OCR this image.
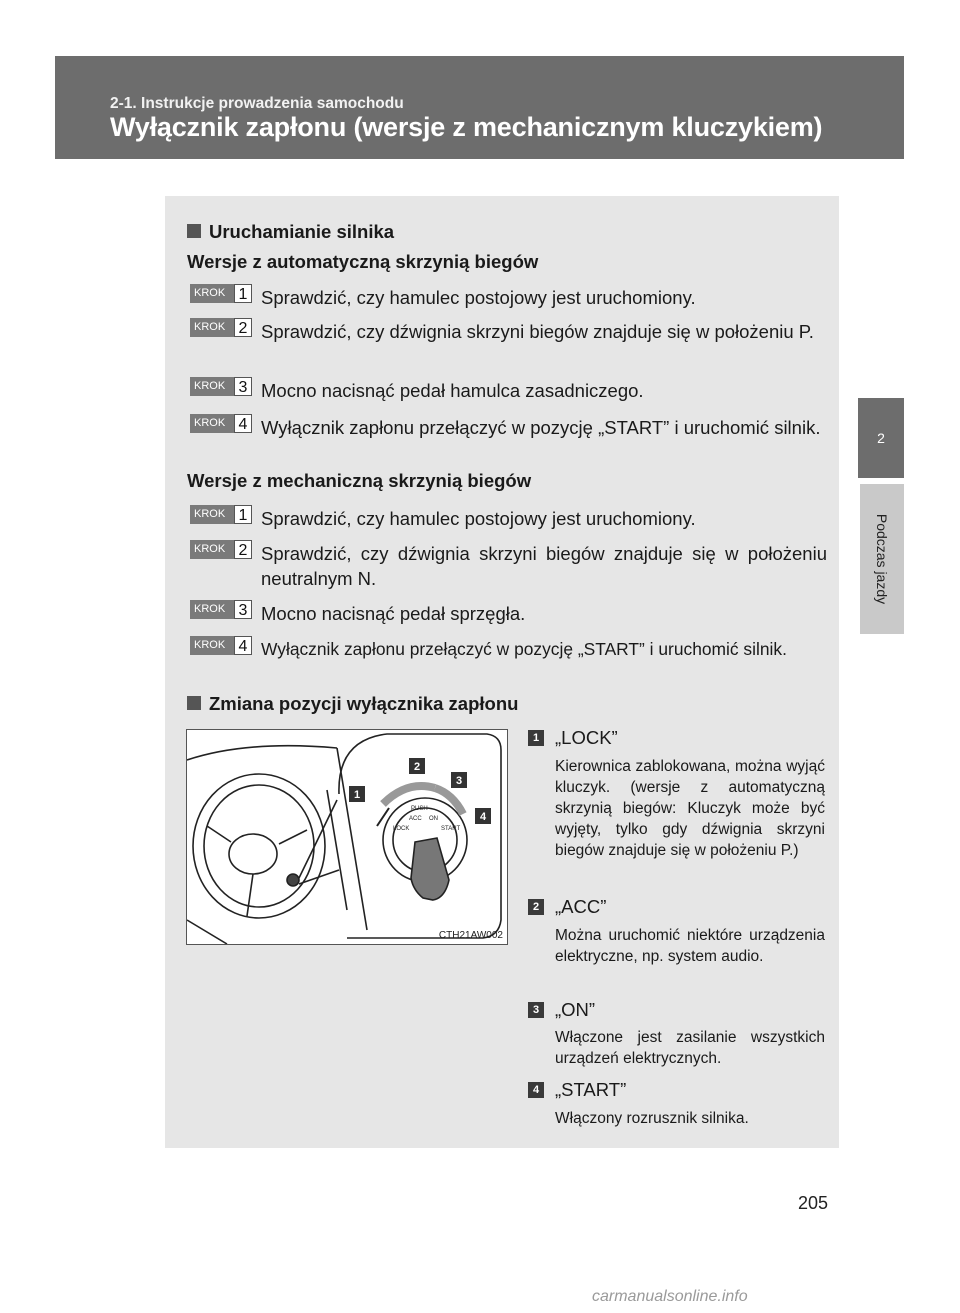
2-1. Instrukcje prowadzenia samochodu
Wyłącznik zapłonu (wersje z mechanicznym kluczykiem)
2
Podczas jazdy
Uruchamianie silnika
Wersje z automatyczną skrzynią biegów
KROK 1 Sprawdzić, czy hamulec postojowy jest uruchomiony.
KROK 2 Sprawdzić, czy dźwignia skrzyni biegów znajduje się w położeniu P.
KROK 3 Mocno nacisnąć pedał hamulca zasadniczego.
KROK 4 Wyłącznik zapłonu przełączyć w pozycję „START” i uruchomić silnik.
Wersje z mechaniczną skrzynią biegów
KROK 1 Sprawdzić, czy hamulec postojowy jest uruchomiony.
KROK 2 Sprawdzić, czy dźwignia skrzyni biegów znajduje się w położeniu neutralnym N.
KROK 3 Mocno nacisnąć pedał sprzęgła.
KROK 4 Wyłącznik zapłonu przełączyć w pozycję „START” i uruchomić silnik.
Zmiana pozycji wyłącznika zapłonu
PUSH
LOCK
ACC ON
START
1
2
3
4
CTH21AW002
1 „LOCK”
Kierownica zablokowana, można wyjąć kluczyk. (wersje z automatyczną skrzynią biegów: Kluczyk może być wyjęty, tylko gdy dźwignia skrzyni biegów znajduje się w położeniu P.)
2 „ACC”
Można uruchomić niektóre urządzenia elektryczne, np. system audio.
3 „ON”
Włączone jest zasilanie wszystkich urządzeń elektrycznych.
4 „START”
Włączony rozrusznik silnika.
205
carmanualsonline.info
